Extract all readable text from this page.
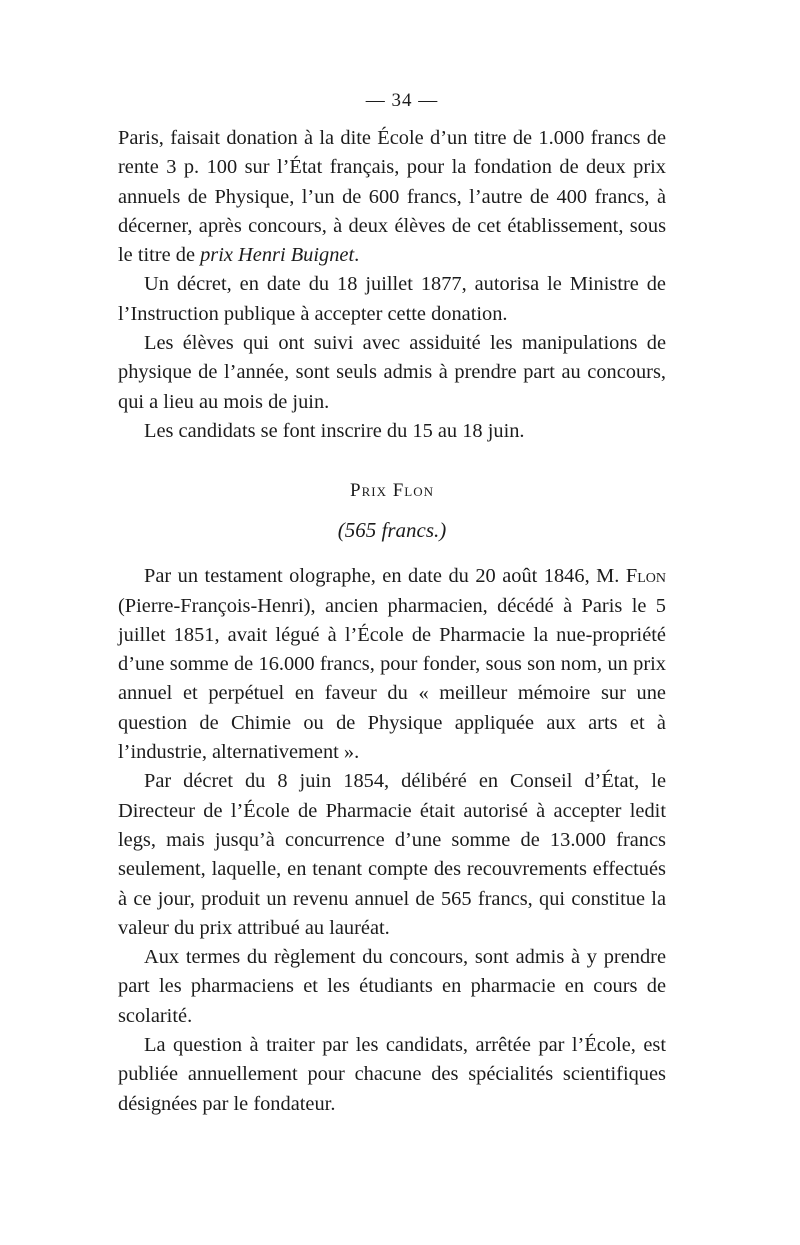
— 34 —

Paris, faisait donation à la dite École d’un titre de 1.000 francs de rente 3 p. 100 sur l’État français, pour la fondation de deux prix annuels de Physique, l’un de 600 francs, l’autre de 400 francs, à décerner, après concours, à deux élèves de cet établissement, sous le titre de prix Henri Buignet.

Un décret, en date du 18 juillet 1877, autorisa le Ministre de l’Instruction publique à accepter cette donation.

Les élèves qui ont suivi avec assiduité les manipulations de physique de l’année, sont seuls admis à prendre part au concours, qui a lieu au mois de juin.

Les candidats se font inscrire du 15 au 18 juin.

Prix Flon
(565 francs.)

Par un testament olographe, en date du 20 août 1846, M. Flon (Pierre-François-Henri), ancien pharmacien, décédé à Paris le 5 juillet 1851, avait légué à l’École de Pharmacie la nue-propriété d’une somme de 16.000 francs, pour fonder, sous son nom, un prix annuel et perpétuel en faveur du « meilleur mémoire sur une question de Chimie ou de Physique appliquée aux arts et à l’industrie, alternativement ».

Par décret du 8 juin 1854, délibéré en Conseil d’État, le Directeur de l’École de Pharmacie était autorisé à accepter ledit legs, mais jusqu’à concurrence d’une somme de 13.000 francs seulement, laquelle, en tenant compte des recouvrements effectués à ce jour, produit un revenu annuel de 565 francs, qui constitue la valeur du prix attribué au lauréat.

Aux termes du règlement du concours, sont admis à y prendre part les pharmaciens et les étudiants en pharmacie en cours de scolarité.

La question à traiter par les candidats, arrêtée par l’École, est publiée annuellement pour chacune des spécialités scientifiques désignées par le fondateur.
